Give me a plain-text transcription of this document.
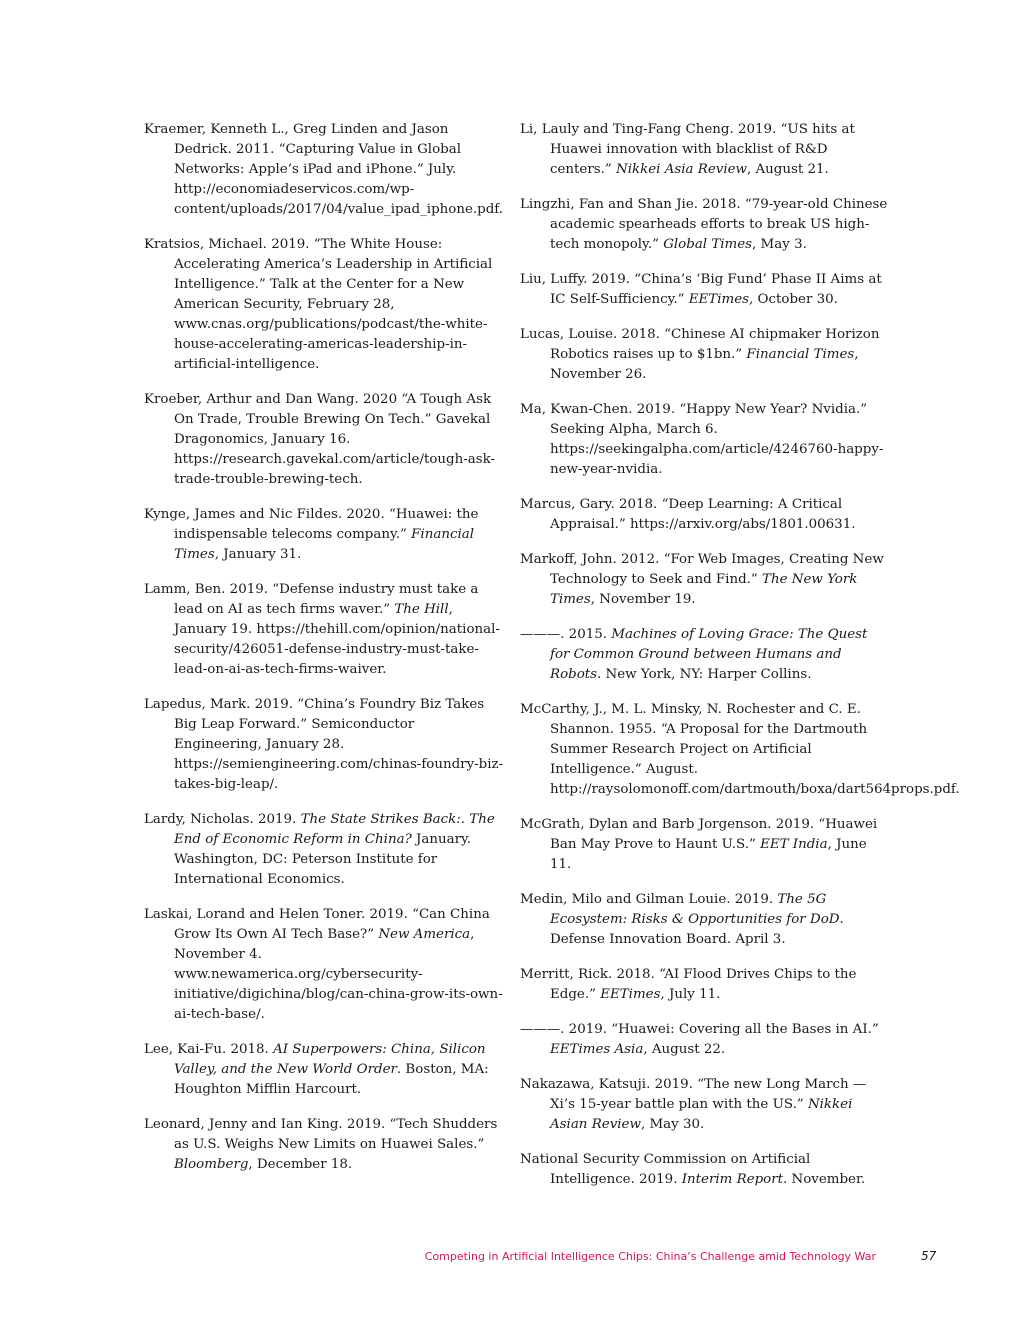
Kraemer, Kenneth L., Greg Linden and Jason Dedrick. 2011. “Capturing Value in Global Networks: Apple’s iPad and iPhone.” July. http://economiadeservicos.com/wp-content/uploads/2017/04/value_ipad_iphone.pdf.

Kratsios, Michael. 2019. “The White House: Accelerating America’s Leadership in Artificial Intelligence.” Talk at the Center for a New American Security, February 28, www.cnas.org/publications/podcast/the-white-house-accelerating-americas-leadership-in-artificial-intelligence.

Kroeber, Arthur and Dan Wang. 2020 “A Tough Ask On Trade, Trouble Brewing On Tech.” Gavekal Dragonomics, January 16. https://research.gavekal.com/article/tough-ask-trade-trouble-brewing-tech.

Kynge, James and Nic Fildes. 2020. “Huawei: the indispensable telecoms company.” Financial Times, January 31.

Lamm, Ben. 2019. “Defense industry must take a lead on AI as tech firms waver.” The Hill, January 19. https://thehill.com/opinion/national-security/426051-defense-industry-must-take-lead-on-ai-as-tech-firms-waiver.

Lapedus, Mark. 2019. “China’s Foundry Biz Takes Big Leap Forward.” Semiconductor Engineering, January 28. https://semiengineering.com/chinas-foundry-biz-takes-big-leap/.

Lardy, Nicholas. 2019. The State Strikes Back:. The End of Economic Reform in China? January. Washington, DC: Peterson Institute for International Economics.

Laskai, Lorand and Helen Toner. 2019. “Can China Grow Its Own AI Tech Base?” New America, November 4. www.newamerica.org/cybersecurity-initiative/digichina/blog/can-china-grow-its-own-ai-tech-base/.

Lee, Kai-Fu. 2018. AI Superpowers: China, Silicon Valley, and the New World Order. Boston, MA: Houghton Mifflin Harcourt.

Leonard, Jenny and Ian King. 2019. “Tech Shudders as U.S. Weighs New Limits on Huawei Sales.” Bloomberg, December 18.

Li, Lauly and Ting-Fang Cheng. 2019. “US hits at Huawei innovation with blacklist of R&D centers.” Nikkei Asia Review, August 21.

Lingzhi, Fan and Shan Jie. 2018. “79-year-old Chinese academic spearheads efforts to break US high-tech monopoly.” Global Times, May 3.

Liu, Luffy. 2019. “China’s ‘Big Fund’ Phase II Aims at IC Self-Sufficiency.” EETimes, October 30.

Lucas, Louise. 2018. “Chinese AI chipmaker Horizon Robotics raises up to $1bn.” Financial Times, November 26.

Ma, Kwan-Chen. 2019. “Happy New Year? Nvidia.” Seeking Alpha, March 6. https://seekingalpha.com/article/4246760-happy-new-year-nvidia.

Marcus, Gary. 2018. “Deep Learning: A Critical Appraisal.” https://arxiv.org/abs/1801.00631.

Markoff, John. 2012. “For Web Images, Creating New Technology to Seek and Find.” The New York Times, November 19.

———. 2015. Machines of Loving Grace: The Quest for Common Ground between Humans and Robots. New York, NY: Harper Collins.

McCarthy, J., M. L. Minsky, N. Rochester and C. E. Shannon. 1955. “A Proposal for the Dartmouth Summer Research Project on Artificial Intelligence.” August. http://raysolomonoff.com/dartmouth/boxa/dart564props.pdf.

McGrath, Dylan and Barb Jorgenson. 2019. “Huawei Ban May Prove to Haunt U.S.” EET India, June 11.

Medin, Milo and Gilman Louie. 2019. The 5G Ecosystem: Risks & Opportunities for DoD. Defense Innovation Board. April 3.

Merritt, Rick. 2018. “AI Flood Drives Chips to the Edge.” EETimes, July 11.

———. 2019. “Huawei: Covering all the Bases in AI.” EETimes Asia, August 22.

Nakazawa, Katsuji. 2019. “The new Long March — Xi’s 15-year battle plan with the US.” Nikkei Asian Review, May 30.

National Security Commission on Artificial Intelligence. 2019. Interim Report. November.

Competing in Artificial Intelligence Chips: China’s Challenge amid Technology War	57
